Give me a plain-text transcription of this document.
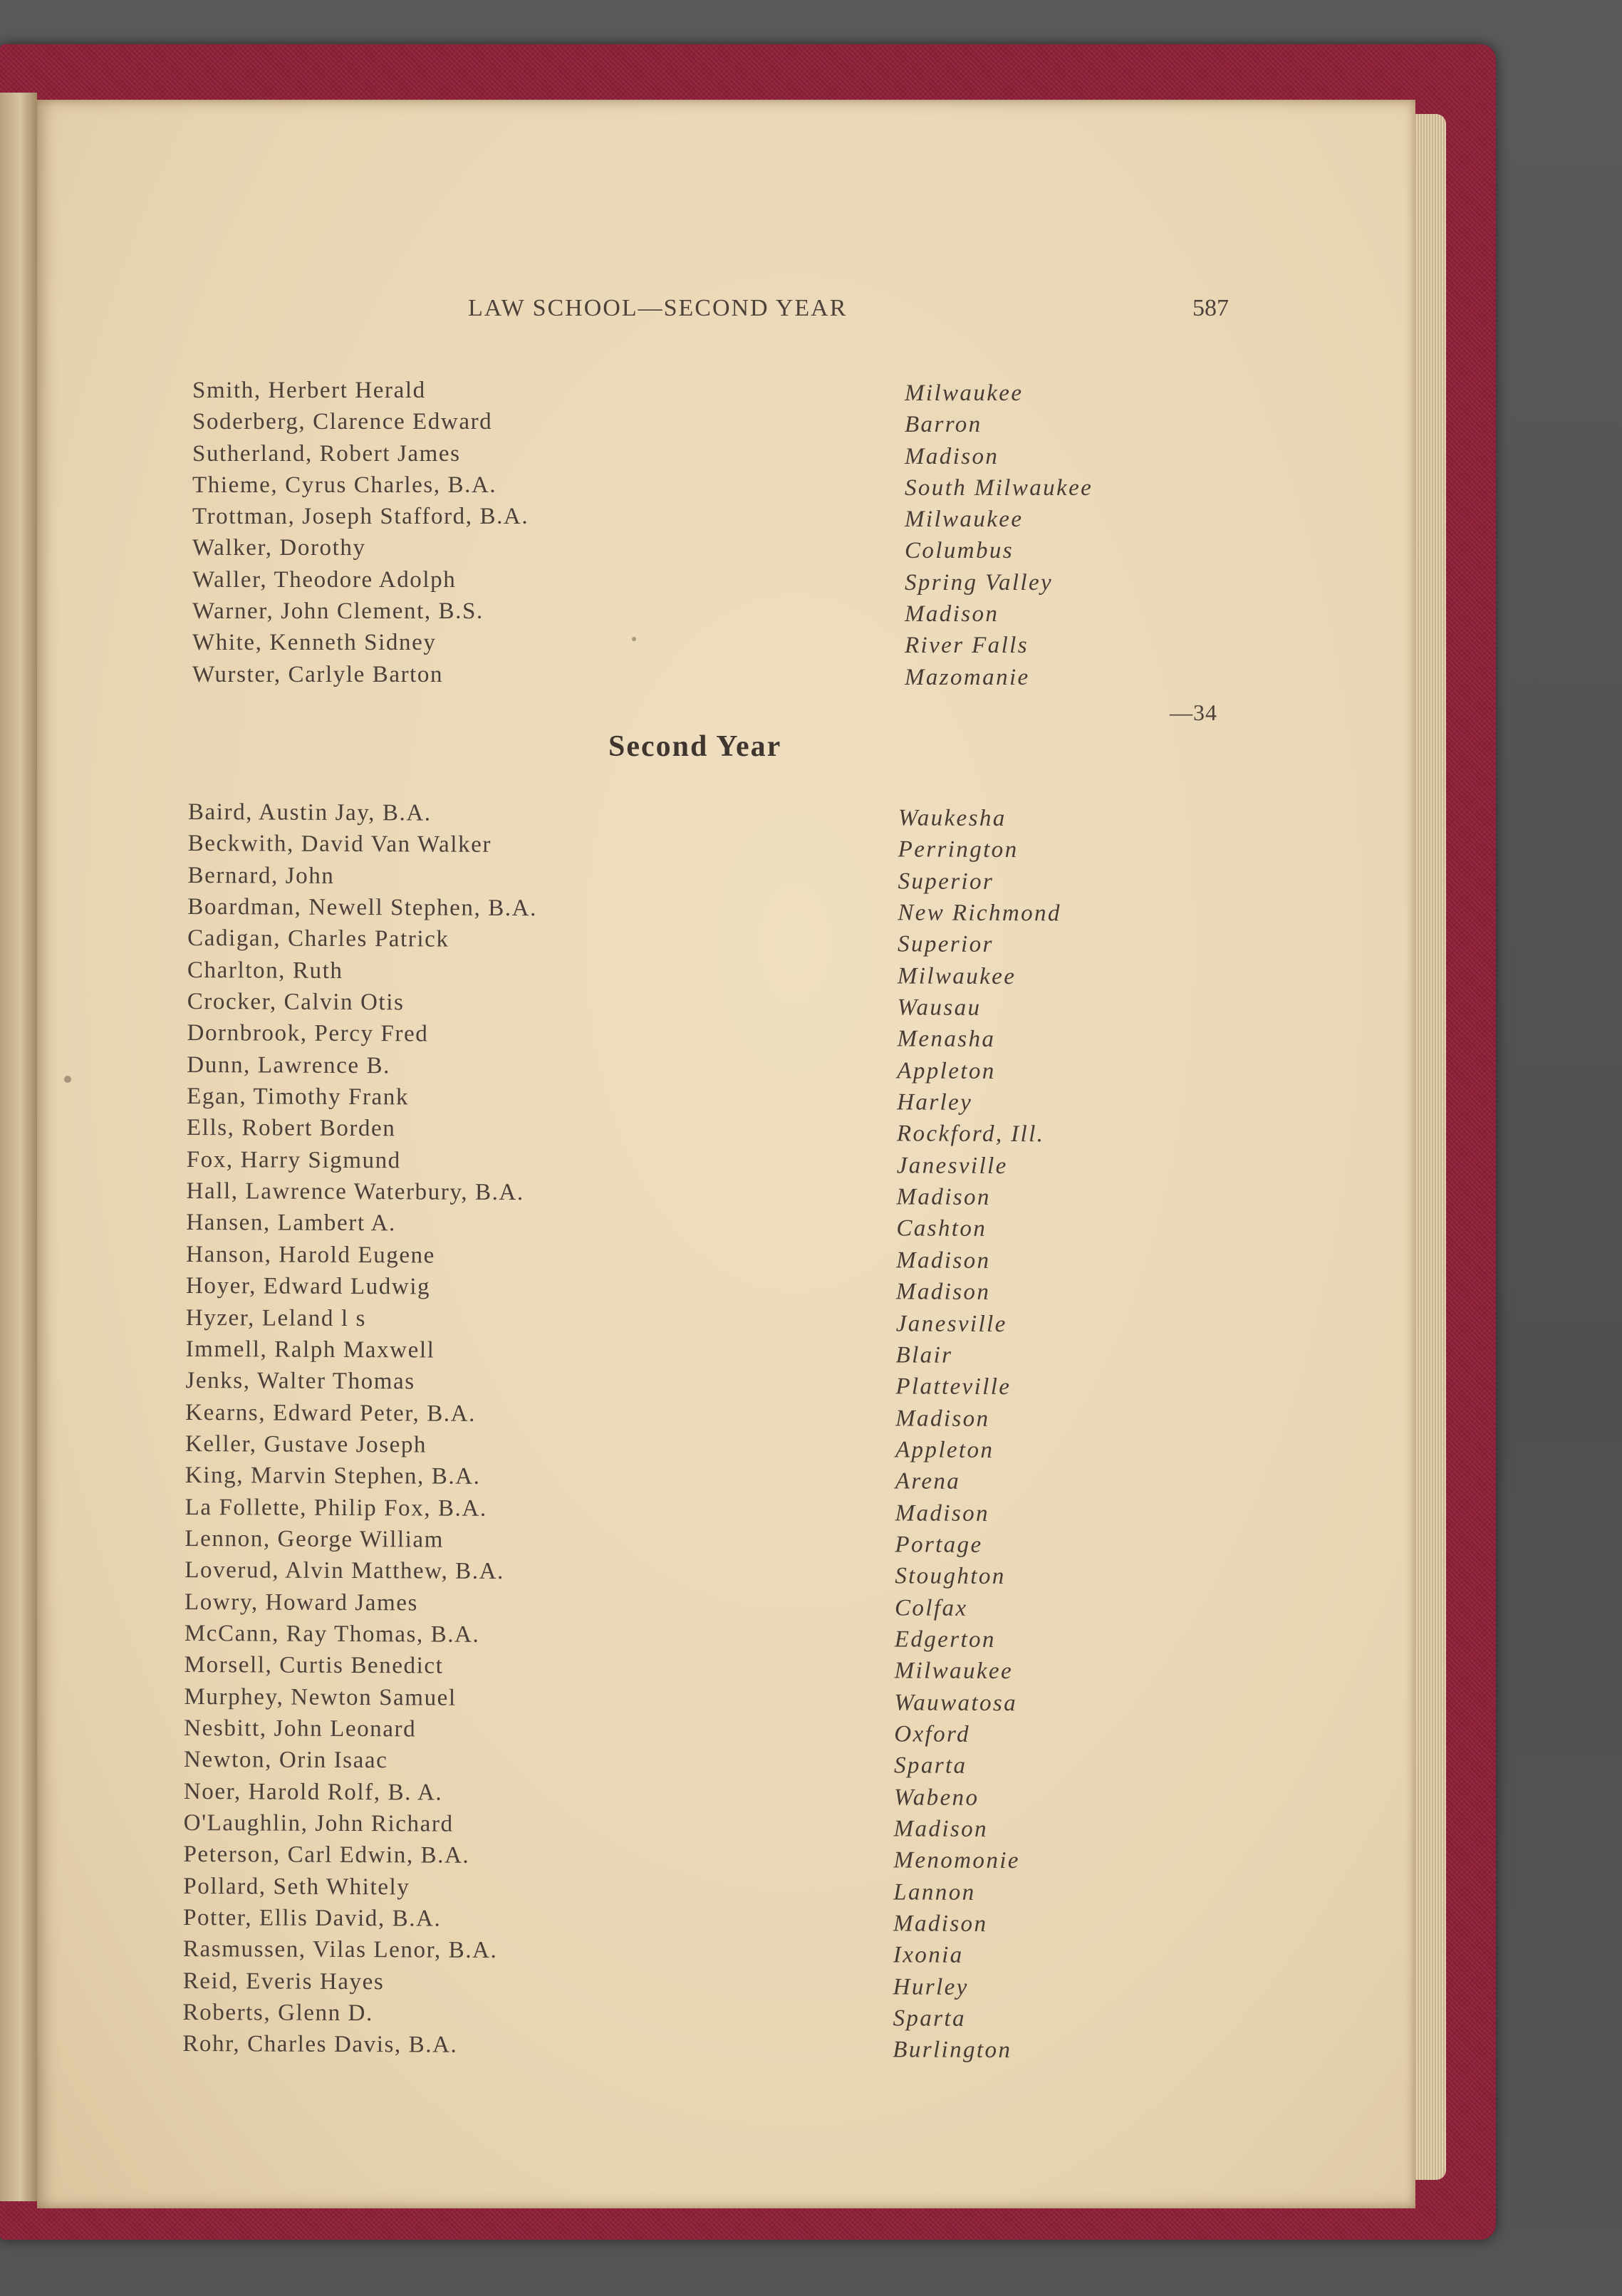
LAW SCHOOL—SECOND YEAR	587
Smith, Herbert Herald	Milwaukee
Soderberg, Clarence Edward	Barron
Sutherland, Robert James	Madison
Thieme, Cyrus Charles, B.A.	South Milwaukee
Trottman, Joseph Stafford, B.A.	Milwaukee
Walker, Dorothy	Columbus
Waller, Theodore Adolph	Spring Valley
Warner, John Clement, B.S.	Madison
White, Kenneth Sidney	River Falls
Wurster, Carlyle Barton	Mazomanie
—34
Second Year
Baird, Austin Jay, B.A.	Waukesha
Beckwith, David Van Walker	Perrington
Bernard, John	Superior
Boardman, Newell Stephen, B.A.	New Richmond
Cadigan, Charles Patrick	Superior
Charlton, Ruth	Milwaukee
Crocker, Calvin Otis	Wausau
Dornbrook, Percy Fred	Menasha
Dunn, Lawrence B.	Appleton
Egan, Timothy Frank	Harley
Ells, Robert Borden	Rockford, Ill.
Fox, Harry Sigmund	Janesville
Hall, Lawrence Waterbury, B.A.	Madison
Hansen, Lambert A.	Cashton
Hanson, Harold Eugene	Madison
Hoyer, Edward Ludwig	Madison
Hyzer, Leland l s	Janesville
Immell, Ralph Maxwell	Blair
Jenks, Walter Thomas	Platteville
Kearns, Edward Peter, B.A.	Madison
Keller, Gustave Joseph	Appleton
King, Marvin Stephen, B.A.	Arena
La Follette, Philip Fox, B.A.	Madison
Lennon, George William	Portage
Loverud, Alvin Matthew, B.A.	Stoughton
Lowry, Howard James	Colfax
McCann, Ray Thomas, B.A.	Edgerton
Morsell, Curtis Benedict	Milwaukee
Murphey, Newton Samuel	Wauwatosa
Nesbitt, John Leonard	Oxford
Newton, Orin Isaac	Sparta
Noer, Harold Rolf, B. A.	Wabeno
O'Laughlin, John Richard	Madison
Peterson, Carl Edwin, B.A.	Menomonie
Pollard, Seth Whitely	Lannon
Potter, Ellis David, B.A.	Madison
Rasmussen, Vilas Lenor, B.A.	Ixonia
Reid, Everis Hayes	Hurley
Roberts, Glenn D.	Sparta
Rohr, Charles Davis, B.A.	Burlington
